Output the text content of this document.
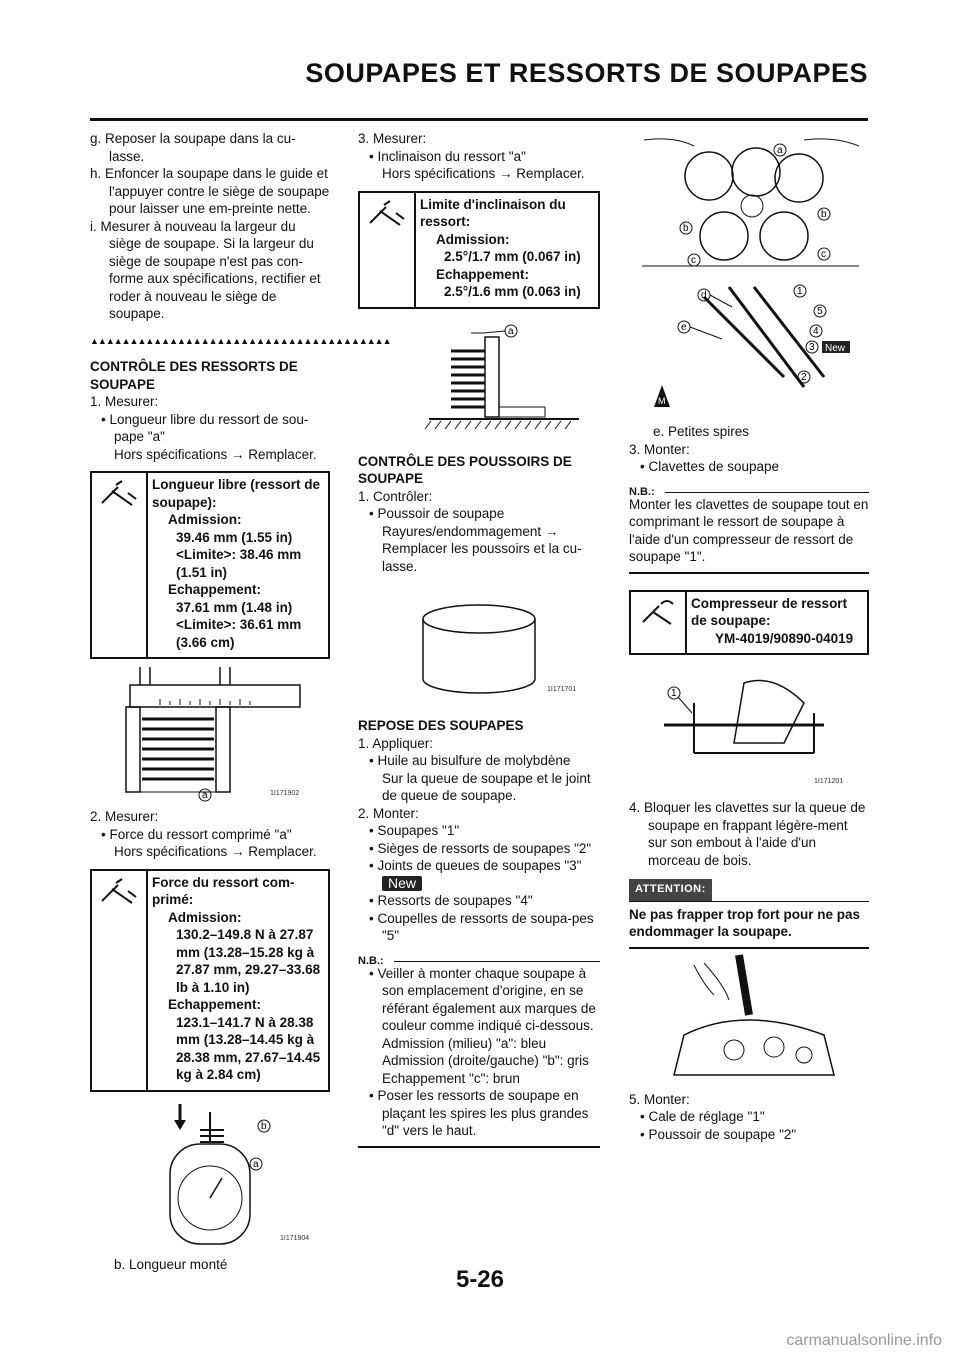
SOUPAPES ET RESSORTS DE SOUPAPES

g. Reposer la soupape dans la cu-lasse.

h. Enfoncer la soupape dans le guide et l'appuyer contre le siège de soupape pour laisser une em-preinte nette.

i. Mesurer à nouveau la largeur du siège de soupape. Si la largeur du siège de soupape n'est pas con-forme aux spécifications, rectifier et roder à nouveau le siège de soupape.

▲▲▲▲▲▲▲▲▲▲▲▲▲▲▲▲▲▲▲▲▲▲▲▲▲▲▲▲▲▲▲▲▲▲▲▲▲▲

CONTRÔLE DES RESSORTS DE SOUPAPE

1. Mesurer:

• Longueur libre du ressort de sou-pape "a"

Hors spécifications → Remplacer.

Longueur libre (ressort de soupape):
Admission:
39.46 mm (1.55 in)
<Limite>: 38.46 mm (1.51 in)
Echappement:
37.61 mm (1.48 in)
<Limite>: 36.61 mm (3.66 cm)
a	1I171902

2. Mesurer:

• Force du ressort comprimé "a"

Hors spécifications → Remplacer.

Force du ressort com-primé:
Admission:
130.2–149.8 N à 27.87 mm (13.28–15.28 kg à 27.87 mm, 29.27–33.68 lb à 1.10 in)
Echappement:
123.1–141.7 N à 28.38 mm (13.28–14.45 kg à 28.38 mm, 27.67–14.45 kg à 2.84 cm)
b
a
1I171904

b. Longueur monté

3. Mesurer:

• Inclinaison du ressort "a"

Hors spécifications → Remplacer.

Limite d'inclinaison du ressort:
Admission:
2.5°/1.7 mm (0.067 in)
Echappement:
2.5°/1.6 mm (0.063 in)
a

CONTRÔLE DES POUSSOIRS DE SOUPAPE

1. Contrôler:

• Poussoir de soupape

Rayures/endommagement → Remplacer les poussoirs et la cu-lasse.

1I171701

REPOSE DES SOUPAPES

1. Appliquer:

• Huile au bisulfure de molybdène

Sur la queue de soupape et le joint de queue de soupape.

2. Monter:

• Soupapes "1"

• Sièges de ressorts de soupapes "2"

• Joints de queues de soupapes "3"

New

• Ressorts de soupapes "4"

• Coupelles de ressorts de soupa-pes "5"

N.B.:

• Veiller à monter chaque soupape à son emplacement d'origine, en se référant également aux marques de couleur comme indiqué ci-dessous.

Admission (milieu) "a": bleu

Admission (droite/gauche) "b": gris

Echappement "c": brun

• Poser les ressorts de soupape en plaçant les spires les plus grandes "d" vers le haut.

a
b
b
c
c
M
d
e
1
5
4
3 New
2

e. Petites spires

3. Monter:

• Clavettes de soupape

N.B.:

Monter les clavettes de soupape tout en comprimant le ressort de soupape à l'aide d'un compresseur de ressort de soupape "1".

Compresseur de ressort de soupape:
YM-4019/90890-04019
1
1I171201

4. Bloquer les clavettes sur la queue de soupape en frappant légère-ment sur son embout à l'aide d'un morceau de bois.

ATTENTION:

Ne pas frapper trop fort pour ne pas endommager la soupape.

5. Monter:

• Cale de réglage "1"

• Poussoir de soupape "2"

5-26
carmanualsonline.info
